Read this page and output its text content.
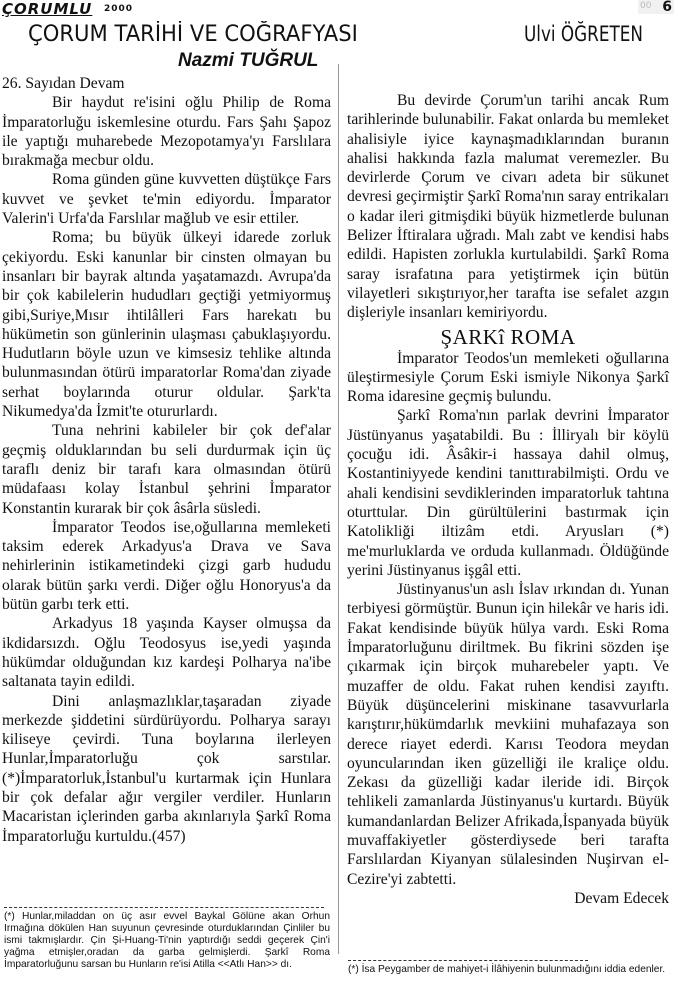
ÇORUMLU 2000	00 6
ÇORUM TARİHİ VE COĞRAFYASI	Ulvi ÖĞRETEN
Nazmi TUĞRUL

26. Sayıdan Devam

Bir haydut re'isini oğlu Philip de Roma İmparatorluğu iskemlesine oturdu. Fars Şahı Şapoz ile yaptığı muharebede Mezopotamya'yı Farslılara bırakmağa mecbur oldu.

Roma günden güne kuvvetten düştükçe Fars kuvvet ve şevket te'min ediyordu. İmparator Valerin'i Urfa'da Farslılar mağlub ve esir ettiler.

Roma; bu büyük ülkeyi idarede zorluk çekiyordu. Eski kanunlar bir cinsten olmayan bu insanları bir bayrak altında yaşatamazdı. Avrupa'da bir çok kabilelerin hududları geçtiği yetmiyormuş gibi,Suriye,Mısır ihtilâlleri Fars harekatı bu hükümetin son günlerinin ulaşması çabuklaşıyordu. Hudutların böyle uzun ve kimsesiz tehlike altında bulunmasından ötürü imparatorlar Roma'dan ziyade serhat boylarında oturur oldular. Şark'ta Nikumedya'da İzmit'te otururlardı.

Tuna nehrini kabileler bir çok def'alar geçmiş olduklarından bu seli durdurmak için üç taraflı deniz bir tarafı kara olmasından ötürü müdafaası kolay İstanbul şehrini İmparator Konstantin kurarak bir çok âsârla süsledi.

İmparator Teodos ise,oğullarına memleketi taksim ederek Arkadyus'a Drava ve Sava nehirlerinin istikametindeki çizgi garb hududu olarak bütün şarkı verdi. Diğer oğlu Honoryus'a da bütün garbı terk etti.

Arkadyus 18 yaşında Kayser olmuşsa da ikdidarsızdı. Oğlu Teodosyus ise,yedi yaşında hükümdar olduğundan kız kardeşi Polharya na'ibe saltanata tayin edildi.

Dini anlaşmazlıklar,taşaradan ziyade merkezde şiddetini sürdürüyordu. Polharya sarayı kiliseye çevirdi. Tuna boylarına ilerleyen Hunlar,İmparatorluğu çok sarstılar. (*)İmparatorluk,İstanbul'u kurtarmak için Hunlara bir çok defalar ağır vergiler verdiler. Hunların Macaristan içlerinden garba akınlarıyla Şarkî Roma İmparatorluğu kurtuldu.(457)

(*) Hunlar,miladdan on üç asır evvel Baykal Gölüne akan Orhun Irmağına dökülen Han suyunun çevresinde oturduklarından Çinliler bu ismi takmışlardır. Çin Şi-Huang-Ti'nin yaptırdığı seddi geçerek Çin'i yağma etmişler,oradan da garba gelmişlerdi. Şarkî Roma İmparatorluğunu sarsan bu Hunların re'isi Atilla <<Atlı Han>> dı.

Bu devirde Çorum'un tarihi ancak Rum tarihlerinde bulunabilir. Fakat onlarda bu memleket ahalisiyle iyice kaynaşmadıklarından buranın ahalisi hakkında fazla malumat veremezler. Bu devirlerde Çorum ve civarı adeta bir sükunet devresi geçirmiştir Şarkî Roma'nın saray entrikaları o kadar ileri gitmişdiki büyük hizmetlerde bulunan Belizer İftiralara uğradı. Malı zabt ve kendisi habs edildi. Hapisten zorlukla kurtulabildi. Şarkî Roma saray israfatına para yetiştirmek için bütün vilayetleri sıkıştırıyor,her tarafta ise sefalet azgın dişleriyle insanları kemiriyordu.

ŞARKî ROMA

İmparator Teodos'un memleketi oğullarına üleştirmesiyle Çorum Eski ismiyle Nikonya Şarkî Roma idaresine geçmiş bulundu.

Şarkî Roma'nın parlak devrini İmparator Jüstünyanus yaşatabildi. Bu : İlliryalı bir köylü çocuğu idi. Âsâkir-i hassaya dahil olmuş, Kostantiniyyede kendini tanıttırabilmişti. Ordu ve ahali kendisini sevdiklerinden imparatorluk tahtına oturttular. Din gürültülerini bastırmak için Katolikliği iltizâm etdi. Aryusları (*) me'murluklarda ve orduda kullanmadı. Öldüğünde yerini Jüstinyanus işgâl etti.

Jüstinyanus'un aslı İslav ırkından dı. Yunan terbiyesi görmüştür. Bunun için hilekâr ve haris idi. Fakat kendisinde büyük hülya vardı. Eski Roma İmparatorluğunu diriltmek. Bu fikrini sözden işe çıkarmak için birçok muharebeler yaptı. Ve muzaffer de oldu. Fakat ruhen kendisi zayıftı. Büyük düşüncelerini miskinane tasavvurlarla karıştırır,hükümdarlık mevkiini muhafazaya son derece riayet ederdi. Karısı Teodora meydan oyuncularından iken güzelliği ile kraliçe oldu. Zekası da güzelliği kadar ileride idi. Birçok tehlikeli zamanlarda Jüstinyanus'u kurtardı. Büyük kumandanlardan Belizer Afrikada,İspanyada büyük muvaffakiyetler gösterdiysede beri tarafta Farslılardan Kiyanyan sülalesinden Nuşirvan el-Cezire'yi zabtetti.

Devam Edecek

(*) İsa Peygamber de mahiyet-i İlâhiyenin bulunmadığını iddia edenler.
